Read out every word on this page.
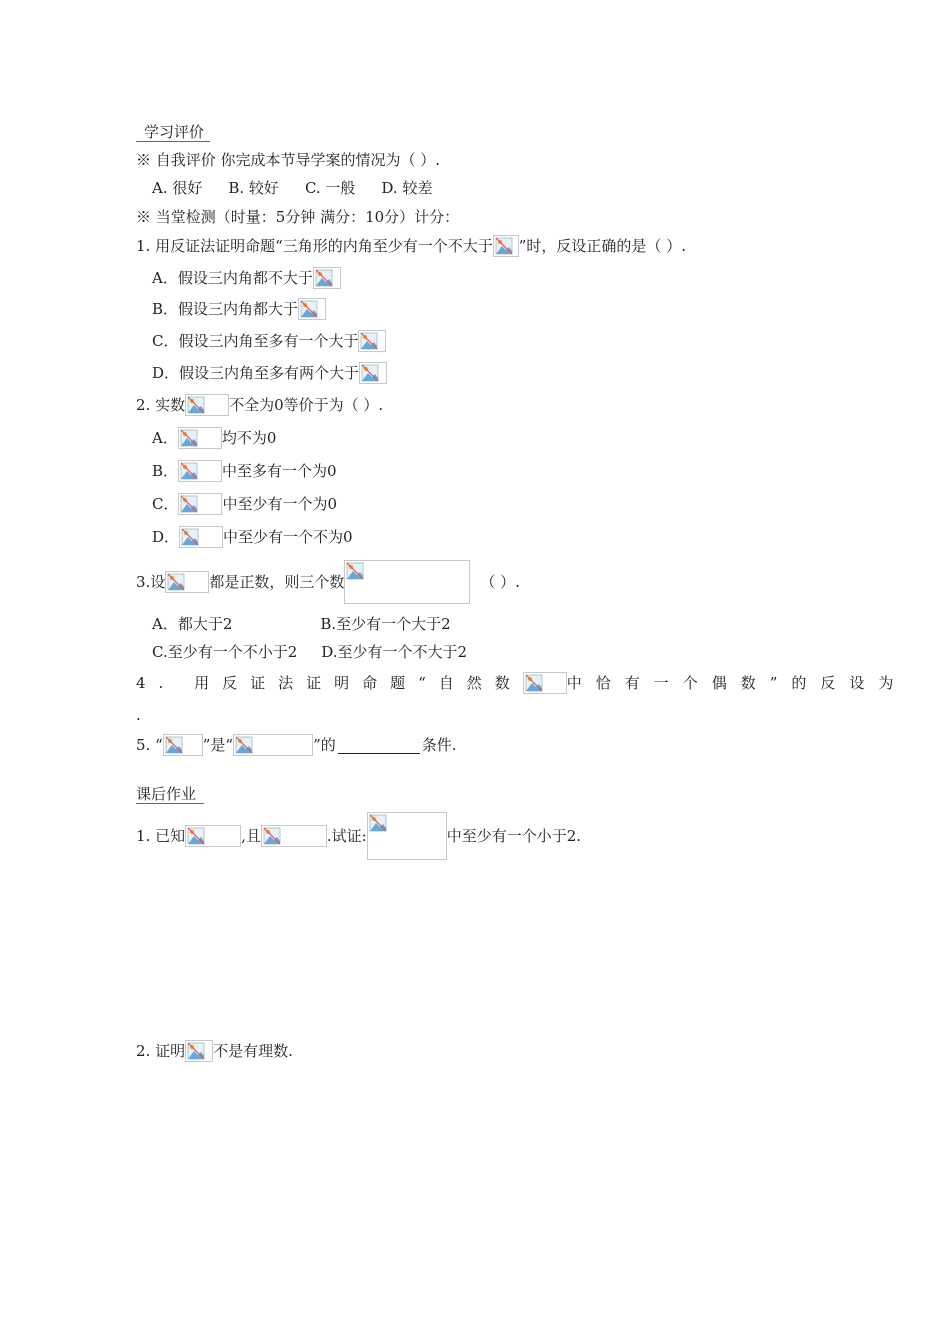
学习评价
※ 自我评价 你完成本节导学案的情况为（ ）.
A. 很好 B. 较好 C. 一般 D. 较差
※ 当堂检测（时量：5分钟 满分：10分）计分：
1. 用反证法证明命题“三角形的内角至少有一个不大于 ”时，反设正确的是（ ）.
A．假设三内角都不大于
B．假设三内角都大于
C．假设三内角至多有一个大于
D．假设三内角至多有两个大于
2. 实数	不全为0等价于为（ ）.
A．	均不为0
B．	中至多有一个为0
C．	中至少有一个为0
D．	中至少有一个不为0
3.设	都是正数，则三个数	（ ）.
A．都大于2	B.至少有一个大于2
C.至少有一个不小于2 D.至少有一个不大于2
4. 用反证法证明命题“自然数	中恰有一个偶数”的反设为
.
5. “	”是“	”的	条件.
课后作业
1. 已知	,且	.试证:	中至少有一个小于2.
2. 证明 不是有理数.
